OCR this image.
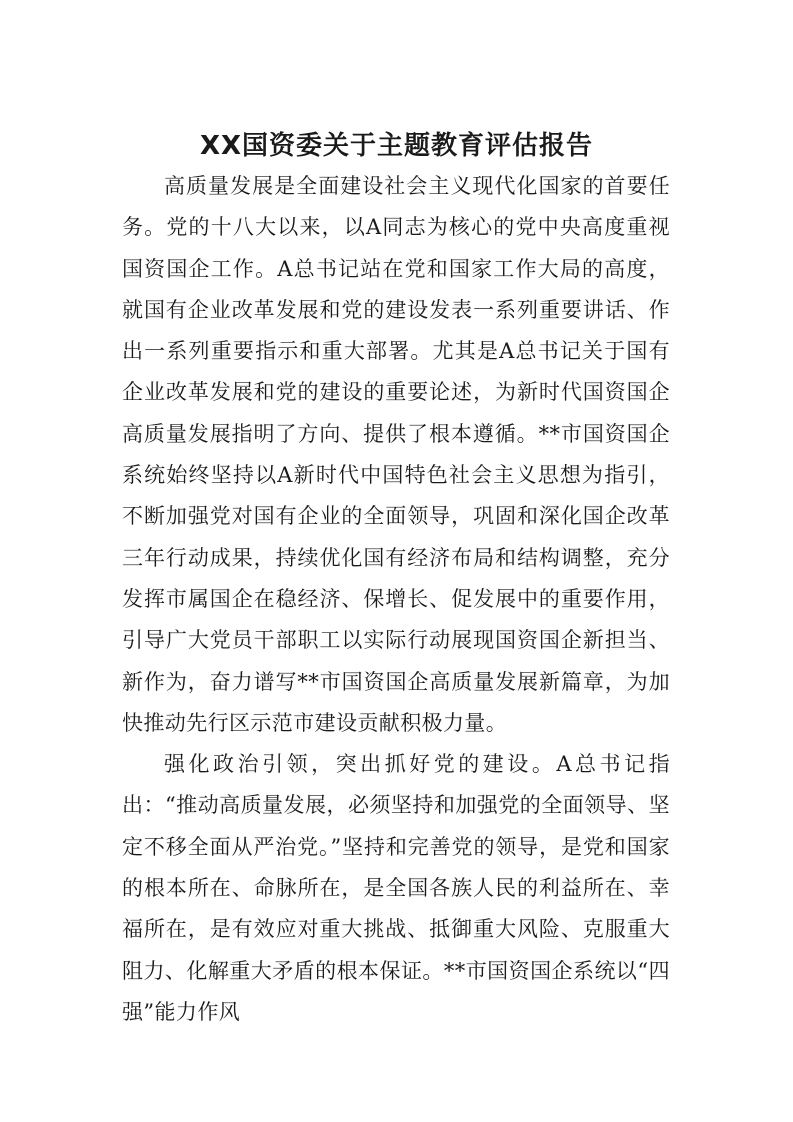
XX国资委关于主题教育评估报告

高质量发展是全面建设社会主义现代化国家的首要任务。党的十八大以来，以A同志为核心的党中央高度重视国资国企工作。A总书记站在党和国家工作大局的高度，就国有企业改革发展和党的建设发表一系列重要讲话、作出一系列重要指示和重大部署。尤其是A总书记关于国有企业改革发展和党的建设的重要论述，为新时代国资国企高质量发展指明了方向、提供了根本遵循。**市国资国企系统始终坚持以A新时代中国特色社会主义思想为指引，不断加强党对国有企业的全面领导，巩固和深化国企改革三年行动成果，持续优化国有经济布局和结构调整，充分发挥市属国企在稳经济、保增长、促发展中的重要作用，引导广大党员干部职工以实际行动展现国资国企新担当、新作为，奋力谱写**市国资国企高质量发展新篇章，为加快推动先行区示范市建设贡献积极力量。

强化政治引领，突出抓好党的建设。A总书记指出：“推动高质量发展，必须坚持和加强党的全面领导、坚定不移全面从严治党。”坚持和完善党的领导，是党和国家的根本所在、命脉所在，是全国各族人民的利益所在、幸福所在，是有效应对重大挑战、抵御重大风险、克服重大阻力、化解重大矛盾的根本保证。**市国资国企系统以“四强”能力作风
